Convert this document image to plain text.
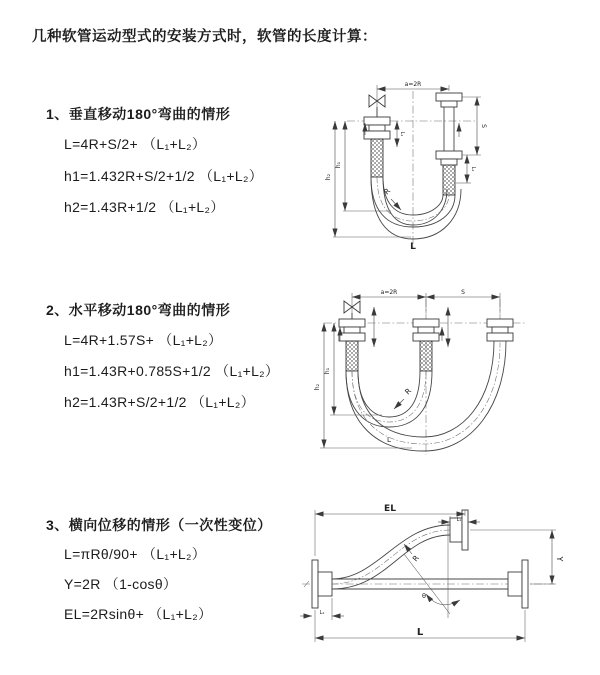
几种软管运动型式的安装方式时，软管的长度计算：
1、垂直移动180°弯曲的情形
L=4R+S/2+ （L₁+L₂）
h1=1.432R+S/2+1/2 （L₁+L₂）
h2=1.43R+1/2 （L₁+L₂）
2、水平移动180°弯曲的情形
L=4R+1.57S+ （L₁+L₂）
h1=1.43R+0.785S+1/2 （L₁+L₂）
h2=1.43R+S/2+1/2 （L₁+L₂）
3、横向位移的情形（一次性变位）
L=πRθ/90+ （L₁+L₂）
Y=2R （1-cosθ）
EL=2Rsinθ+ （L₁+L₂）
a=2R
L₁
S
L₁
h₁
h₂
R
L
a=2R	S
h₁
h₂	R
L
EL
L₁
Y
L
L₁
θ
R
